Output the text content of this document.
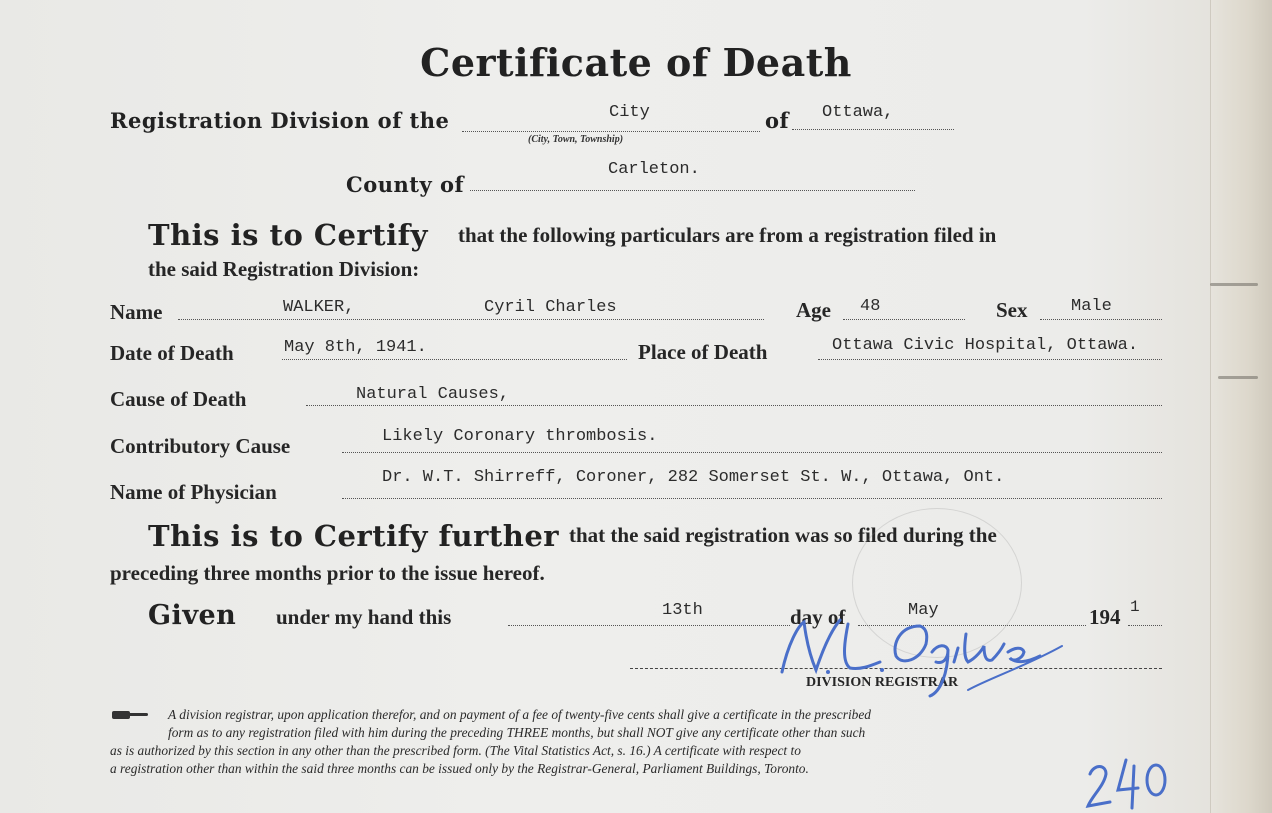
Certificate of Death
Registration Division of the	City
(City, Town, Township)
of Ottawa,
County of
Carleton.
This is to Certify that the following particulars are from a registration filed in
the said Registration Division:
Name	WALKER,	Cyril Charles	Age 48	Sex	Male
Date of Death	May 8th, 1941.	Place of Death	Ottawa Civic Hospital, Ottawa.
Cause of Death	Natural Causes,
Contributory Cause	Likely Coronary thrombosis.
Name of Physician
Dr. W.T. Shirreff, Coroner, 282 Somerset St. W., Ottawa, Ont.
This is to Certify further that the said registration was so filed during the
preceding three months prior to the issue hereof.
Given under my hand this	13th	day of	May	194 1
DIVISION REGISTRAR
A division registrar, upon application therefor, and on payment of a fee of twenty-five cents shall give a certificate in the prescribed
form as to any registration filed with him during the preceding THREE months, but shall NOT give any certificate other than such
as is authorized by this section in any other than the prescribed form. (The Vital Statistics Act, s. 16.) A certificate with respect to
a registration other than within the said three months can be issued only by the Registrar-General, Parliament Buildings, Toronto.
